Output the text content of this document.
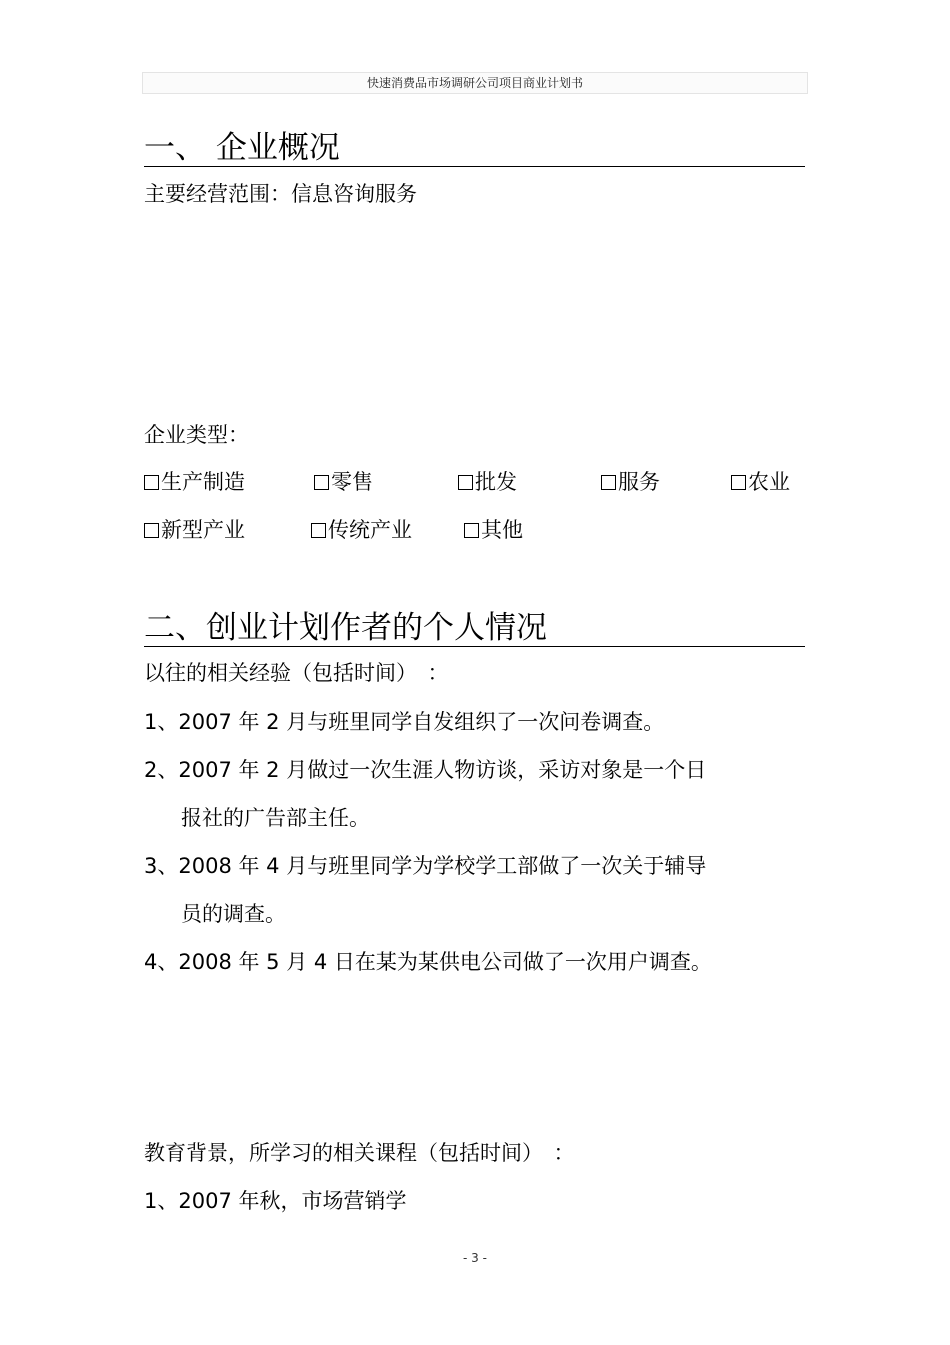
快速消费品市场调研公司项目商业计划书
一、 企业概况
主要经营范围：信息咨询服务
企业类型：
生产制造	零售	批发	服务	农业
新型产业	传统产业	其他
二、创业计划作者的个人情况
以往的相关经验（包括时间）　：
1、2007 年 2 月与班里同学自发组织了一次问卷调查。
2、2007 年 2 月做过一次生涯人物访谈，采访对象是一个日
报社的广告部主任。
3、2008 年 4 月与班里同学为学校学工部做了一次关于辅导
员的调查。
4、2008 年 5 月 4 日在某为某供电公司做了一次用户调查。
教育背景，所学习的相关课程（包括时间）　：
1、2007 年秋，市场营销学
- 3 -
